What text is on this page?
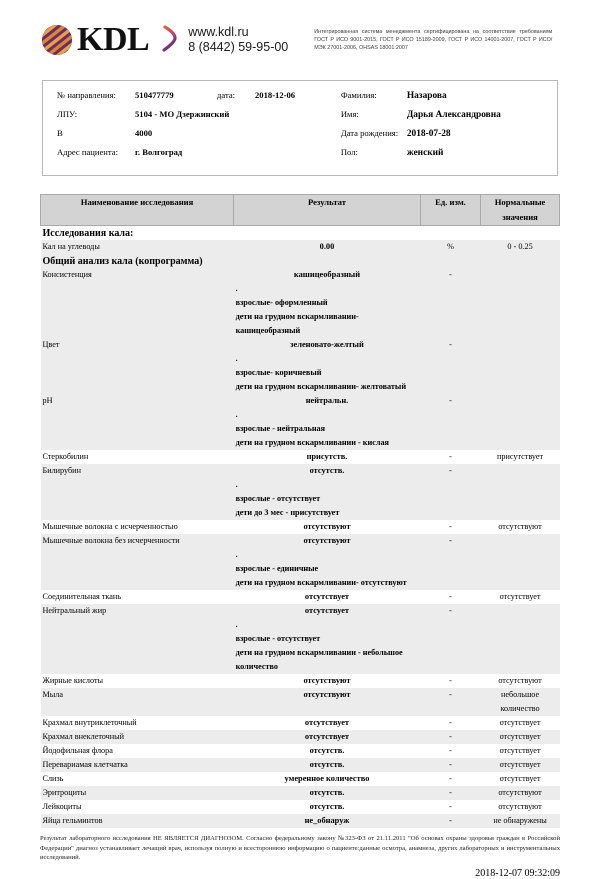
KDL	www.kdl.ru
8 (8442) 59-95-00
Интегрированная система менеджмента сертифицирована на соответствие требованиям ГОСТ Р ИСО 9001-2015, ГОСТ Р ИСО 15189-2009, ГОСТ Р ИСО 14001-2007, ГОСТ Р ИСО/МЭК 27001-2006, OHSAS 18001:2007
№ направления:	510477779	дата:	2018-12-06
ЛПУ:	5104 - МО Дзержинский
В	4000
Адрес пациента:	г. Волгоград
Фамилия:	Назарова
Имя:	Дарья Александровна
Дата рождения: 2018-07-28
Пол:	женский
Наименование исследования	Результат	Ед. изм.	Нормальные значения
Исследования кала:			
Кал на углеводы	0.00	%	0 - 0.25
Общий анализ кала (копрограмма)			
Консистенция	кашицеобразный	-	
	.		
	взрослые- оформленный		
	дети на грудном вскармливании- кашицеобразный		
Цвет	зеленовато-желтый	-	
	.		
	взрослые- коричневый		
	дети на грудном вскармливании- желтоватый		
pH	нейтральн.	-	
	.		
	взрослые - нейтральная		
	дети на грудном вскармливании - кислая		
Стеркобилин	присутств.	-	присутствует
Билирубин	отсутств.	-	
	.		
	взрослые - отсутствует		
	дети до 3 мес - присутствует		
Мышечные волокна с исчерченностью	отсутствуют	-	отсутствуют
Мышечные волокна без исчерченности	отсутствуют	-	
	.		
	взрослые - единичные		
	дети на грудном вскармливании- отсутствуют		
Соединительная ткань	отсутствует	-	отсутствует
Нейтральный жир	отсутствует	-	
	.		
	взрослые - отсутствует		
	дети на грудном вскармливании - небольшое количество		
Жирные кислоты	отсутствуют	-	отсутствуют
Мыла	отсутствуют	-	небольшое количество
Крахмал внутриклеточный	отсутствует	-	отсутствует
Крахмал внеклеточный	отсутствует	-	отсутствует
Йодофильная флора	отсутств.	-	отсутствует
Перевариамая клетчатка	отсутств.	-	отсутствует
Слизь	умеренное количество	-	отсутствует
Эритроциты	отсутств.	-	отсутствуют
Лейкоциты	отсутств.	-	отсутствуют
Яйца гельминтов	не_обнаруж	-	не обнаружены
Результат лабораторного исследования НЕ ЯВЛЯЕТСЯ ДИАГНОЗОМ. Согласно федеральному закону №323-ФЗ от 21.11.2011 "Об основах охраны здоровья граждан в Российской Федерации" диагноз устанавливает лечащий врач, используя полную и всестороннюю информацию о пациенте:данные осмотра, анамнеза, других лабораторных и инструментальных исследований.
2018-12-07 09:32:09
